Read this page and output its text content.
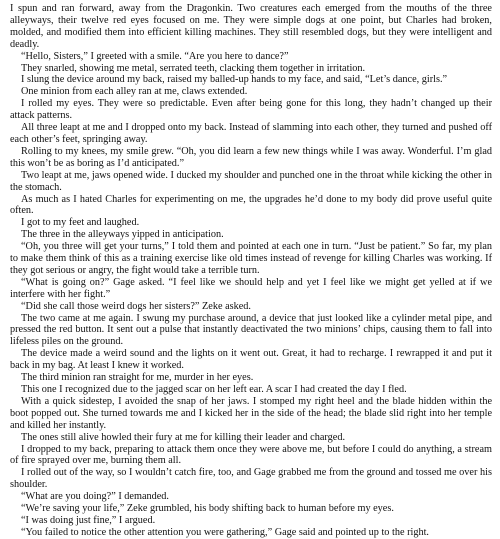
I spun and ran forward, away from the Dragonkin. Two creatures each emerged from the mouths of the three alleyways, their twelve red eyes focused on me. They were simple dogs at one point, but Charles had broken, molded, and modified them into efficient killing machines. They still resembled dogs, but they were intelligent and deadly.

“Hello, Sisters,” I greeted with a smile. “Are you here to dance?”

They snarled, showing me metal, serrated teeth, clacking them together in irritation.

I slung the device around my back, raised my balled-up hands to my face, and said, “Let’s dance, girls.”

One minion from each alley ran at me, claws extended.

I rolled my eyes. They were so predictable. Even after being gone for this long, they hadn’t changed up their attack patterns.

All three leapt at me and I dropped onto my back. Instead of slamming into each other, they turned and pushed off each other’s feet, springing away.

Rolling to my knees, my smile grew. “Oh, you did learn a few new things while I was away. Wonderful. I’m glad this won’t be as boring as I’d anticipated.”

Two leapt at me, jaws opened wide. I ducked my shoulder and punched one in the throat while kicking the other in the stomach.

As much as I hated Charles for experimenting on me, the upgrades he’d done to my body did prove useful quite often.

I got to my feet and laughed.

The three in the alleyways yipped in anticipation.

“Oh, you three will get your turns,” I told them and pointed at each one in turn. “Just be patient.” So far, my plan to make them think of this as a training exercise like old times instead of revenge for killing Charles was working. If they got serious or angry, the fight would take a terrible turn.

“What is going on?” Gage asked. “I feel like we should help and yet I feel like we might get yelled at if we interfere with her fight.”

“Did she call those weird dogs her sisters?” Zeke asked.

The two came at me again. I swung my purchase around, a device that just looked like a cylinder metal pipe, and pressed the red button. It sent out a pulse that instantly deactivated the two minions’ chips, causing them to fall into lifeless piles on the ground.

The device made a weird sound and the lights on it went out. Great, it had to recharge. I rewrapped it and put it back in my bag. At least I knew it worked.

The third minion ran straight for me, murder in her eyes.

This one I recognized due to the jagged scar on her left ear. A scar I had created the day I fled.

With a quick sidestep, I avoided the snap of her jaws. I stomped my right heel and the blade hidden within the boot popped out. She turned towards me and I kicked her in the side of the head; the blade slid right into her temple and killed her instantly.

The ones still alive howled their fury at me for killing their leader and charged.

I dropped to my back, preparing to attack them once they were above me, but before I could do anything, a stream of fire sprayed over me, burning them all.

I rolled out of the way, so I wouldn’t catch fire, too, and Gage grabbed me from the ground and tossed me over his shoulder.

“What are you doing?” I demanded.

“We’re saving your life,” Zeke grumbled, his body shifting back to human before my eyes.

“I was doing just fine,” I argued.

“You failed to notice the other attention you were gathering,” Gage said and pointed up to the right.
